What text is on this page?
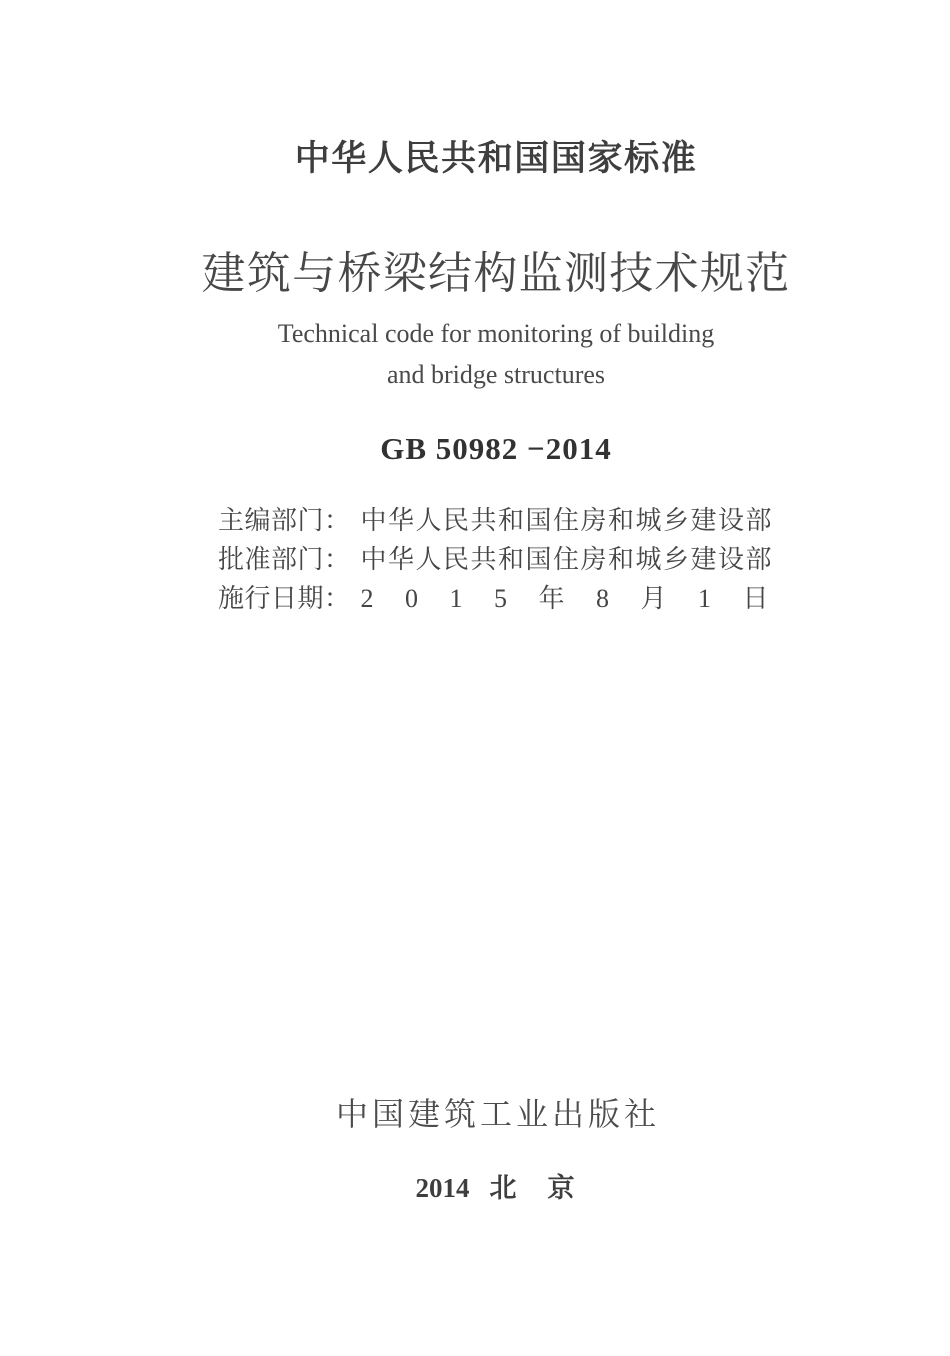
中华人民共和国国家标准
建筑与桥梁结构监测技术规范
Technical code for monitoring of building
and bridge structures
GB 50982 −2014
主编部门： 中华人民共和国住房和城乡建设部
批准部门： 中华人民共和国住房和城乡建设部
施行日期： 2 0 1 5 年 8 月 1 日
中国建筑工业出版社
2014 北　京
